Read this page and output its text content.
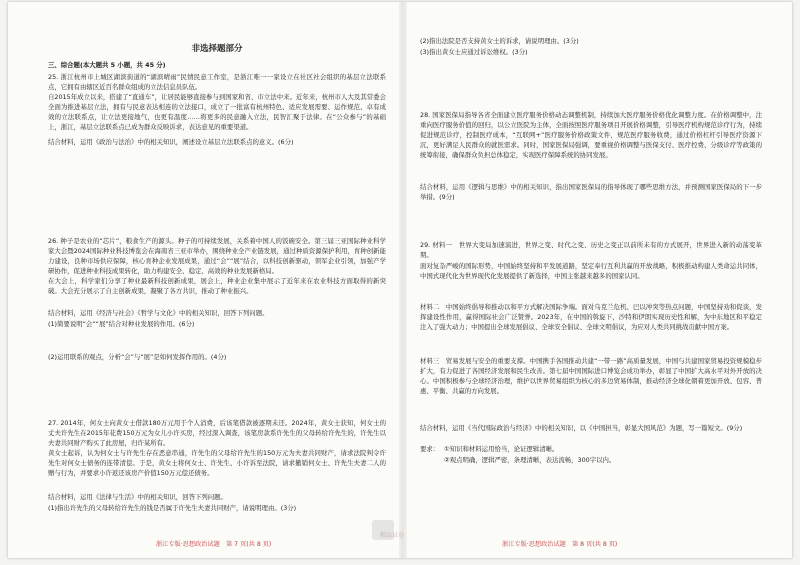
非选择题部分
三、综合题(本大题共 5 小题，共 45 分)
25. 浙江杭州市上城区湖滨街道的“湖滨晴雨”民情民意工作室，是浙江唯一一家设立在社区社会组织的基层立法联系点，它拥有由辖区近百名群众组成的立法信息员队伍。
自2015年成立以来，搭建了“直通车”，让居民能够直接参与到国家和省、市立法中来。近年来，杭州市人大及其常委会全面为推进基层立法，拥有与民意表达相连的立法接口，成立了一批富有杭州特色、适应发展需要、运作规范、卓有成效的立法联系点，让立法更接地气，也更有温度……将更多的民意融入立法，民智汇聚于法律。在“公众参与”的基础上，浙江，基层立法联系点已成为群众反映诉求，表达意见的重要渠道。
结合材料，运用《政治与法治》中的相关知识，阐述设立基层立法联系点的意义。(6分)
26. 种子是农业的“芯片”，粮食生产的源头。种子的可持续发展，关系着中国人的饭碗安全。第三届三亚国际种业科学家大会暨2024国际种业科技博览会在海南省三亚市举办，围绕种业全产业链发展，通过种质资源保护利用，育种创新能力建设，良种市场供应保障，核心育种企业发展成果，通过“会”“展”结合，以科技创新驱动，领军企业引领，加强产学研协作，促进种业科技成果转化，助力构建安全、稳定、高效的种业发展新格局。
在大会上，科学家们分享了种业最新科技创新成果，展会上，种业企业集中展示了近年来在农业科技方面取得的新突破。大会充分展示了自主创新成果，凝聚了各方共识，推动了种业振兴。
结合材料，运用《经济与社会》《哲学与文化》中的相关知识，回答下列问题。
(1)简要说明“会”“展”结合对种业发展的作用。(6分)
(2)运用联系的观点，分析“会”与“展”是如何发挥作用的。(4分)
27. 2014年，何女士向黄女士借款180万元用于个人消费，后该笔借款被逐期未还。2024年，黄女士获知，何女士的丈夫许先生在2015年花费150万元为女儿小许买房，经过深入调查，该笔房款系许先生的父母转给许先生的，许先生以夫妻共同财产购买了此房屋，归许某所有。
黄女士起诉，认为何女士与许先生存在恶意串通，许先生的父母给许先生的150万元为夫妻共同财产，请求法院判令许先生对何女士债务的连带清偿。于是，黄女士将何女士、许先生、小许诉至法院，请求撤销何女士、许先生夫妻二人的赠与行为，并要求小许返还该房产价值150万元偿还债务。
结合材料，运用《法律与生活》中的相关知识，回答下列问题。
(1)指出许先生的父母转给许先生的钱是否属于许先生夫妻共同财产，请说明理由。(3分)
浙江专版·思想政治试题　第 7 页(共 8 页)
(2)指出法院是否支持黄女士的诉求，请说明理由。(3分)
(3)指出黄女士应通过诉讼维权。(3分)
28. 国家医保局指导各省全面建立医疗服务价格动态调整机制，持续加大医疗服务价格优化调整力度。在价格调整中，注重向医疗服务价值的回归，以公立医院为主体，全面按照医疗服务项目开展价格调整，引导医疗机构规范诊疗行为，持续促进规范诊疗，控制医疗成本，“互联网+”医疗服务价格政策文件，规范医疗服务收费，通过价格杠杆引导医疗资源下沉，更好满足人民群众的就医需求。同时，国家医保局强调，要重视价格调整与医保支付、医疗控费、分级诊疗等政策的统筹衔接，确保群众负担总体稳定，实现医疗保障系统的协同发展。
结合材料，运用《逻辑与思维》中的相关知识，指出国家医保局的指导体现了哪些思维方法，并预测国家医保局的下一步举措。(9分)
29. 材料一　世界大变局加速演进，世界之变、时代之变、历史之变正以前所未有的方式展开，世界进入新的动荡变革期。
面对复杂严峻的国际形势，中国始终坚持和平发展道路，坚定奉行互利共赢的开放战略，积极推动构建人类命运共同体，中国式现代化为世界现代化发展提供了新选择，中国主张越来越多的国家认同。
材料二　中国始终倡导和推动以和平方式解决国际争端。面对乌克兰危机、巴以冲突等热点问题，中国坚持劝和促谈，发挥建设性作用，赢得国际社会广泛赞誉。2023年，在中国的斡旋下，沙特和伊朗实现历史性和解，为中东地区和平稳定注入了强大动力；中国提出全球发展倡议、全球安全倡议、全球文明倡议，为应对人类共同挑战贡献中国方案。
材料三　贸易发展与安全的重要支撑。中国携手各国推动共建“一带一路”高质量发展，中国与共建国家贸易投资规模稳步扩大，有力促进了各国经济发展和民生改善。第七届中国国际进口博览会成功举办，彰显了中国扩大高水平对外开放的决心。中国积极参与全球经济治理，维护以世界贸易组织为核心的多边贸易体制，推动经济全球化朝着更加开放、包容、普惠、平衡、共赢的方向发展。
结合材料，运用《当代国际政治与经济》中的相关知识，以《中国担当，彰显大国风范》为题，写一篇短文。(9分)
要求： ①知识和材料运用恰当，论证逻辑清晰。
②观点明确，逻辑严密，条理清晰，表达流畅，300字以内。
浙江专版·思想政治试题　第 8 页(共 8 页)
精品试卷
